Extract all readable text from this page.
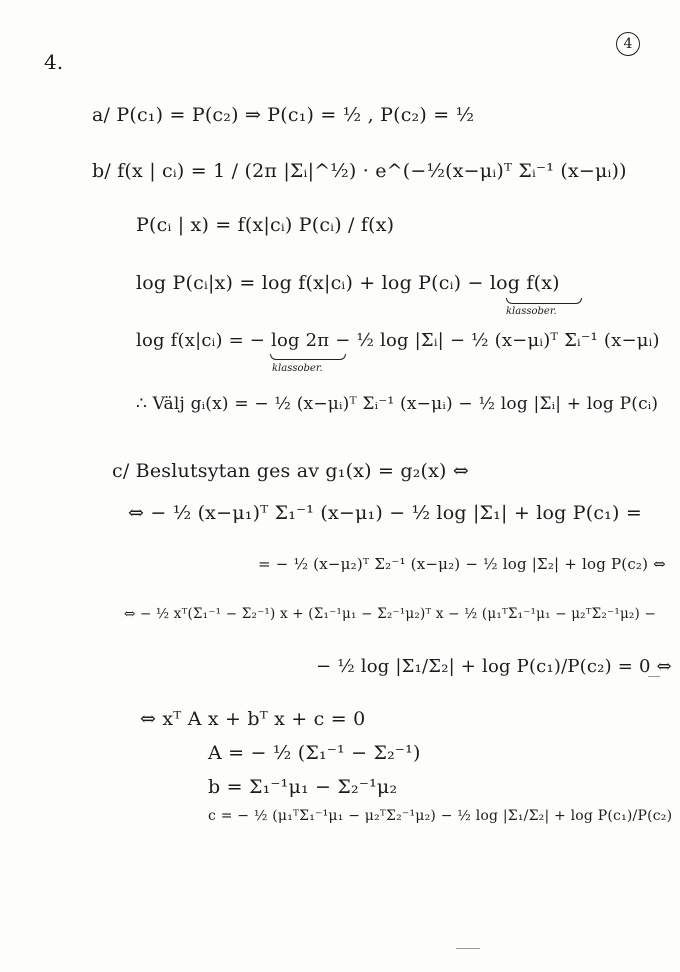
4
4.
a/ P(c₁) = P(c₂) ⇒ P(c₁) = ½ , P(c₂) = ½
b/ f(x | cᵢ) = 1 / (2π |Σᵢ|^½) · e^(−½(x−μᵢ)ᵀ Σᵢ⁻¹ (x−μᵢ))
P(cᵢ | x) = f(x|cᵢ) P(cᵢ) / f(x)
log P(cᵢ|x) = log f(x|cᵢ) + log P(cᵢ) − log f(x)
klassober.
log f(x|cᵢ) = − log 2π − ½ log |Σᵢ| − ½ (x−μᵢ)ᵀ Σᵢ⁻¹ (x−μᵢ)
klassober.
∴ Välj gᵢ(x) = − ½ (x−μᵢ)ᵀ Σᵢ⁻¹ (x−μᵢ) − ½ log |Σᵢ| + log P(cᵢ)
c/ Beslutsytan ges av g₁(x) = g₂(x) ⇔
⇔ − ½ (x−μ₁)ᵀ Σ₁⁻¹ (x−μ₁) − ½ log |Σ₁| + log P(c₁) =
= − ½ (x−μ₂)ᵀ Σ₂⁻¹ (x−μ₂) − ½ log |Σ₂| + log P(c₂) ⇔
⇔ − ½ xᵀ(Σ₁⁻¹ − Σ₂⁻¹) x + (Σ₁⁻¹μ₁ − Σ₂⁻¹μ₂)ᵀ x − ½ (μ₁ᵀΣ₁⁻¹μ₁ − μ₂ᵀΣ₂⁻¹μ₂) −
− ½ log |Σ₁/Σ₂| + log P(c₁)/P(c₂) = 0 ⇔
⇔ xᵀ A x + bᵀ x + c = 0
A = − ½ (Σ₁⁻¹ − Σ₂⁻¹)
b = Σ₁⁻¹μ₁ − Σ₂⁻¹μ₂
c = − ½ (μ₁ᵀΣ₁⁻¹μ₁ − μ₂ᵀΣ₂⁻¹μ₂) − ½ log |Σ₁/Σ₂| + log P(c₁)/P(c₂)
